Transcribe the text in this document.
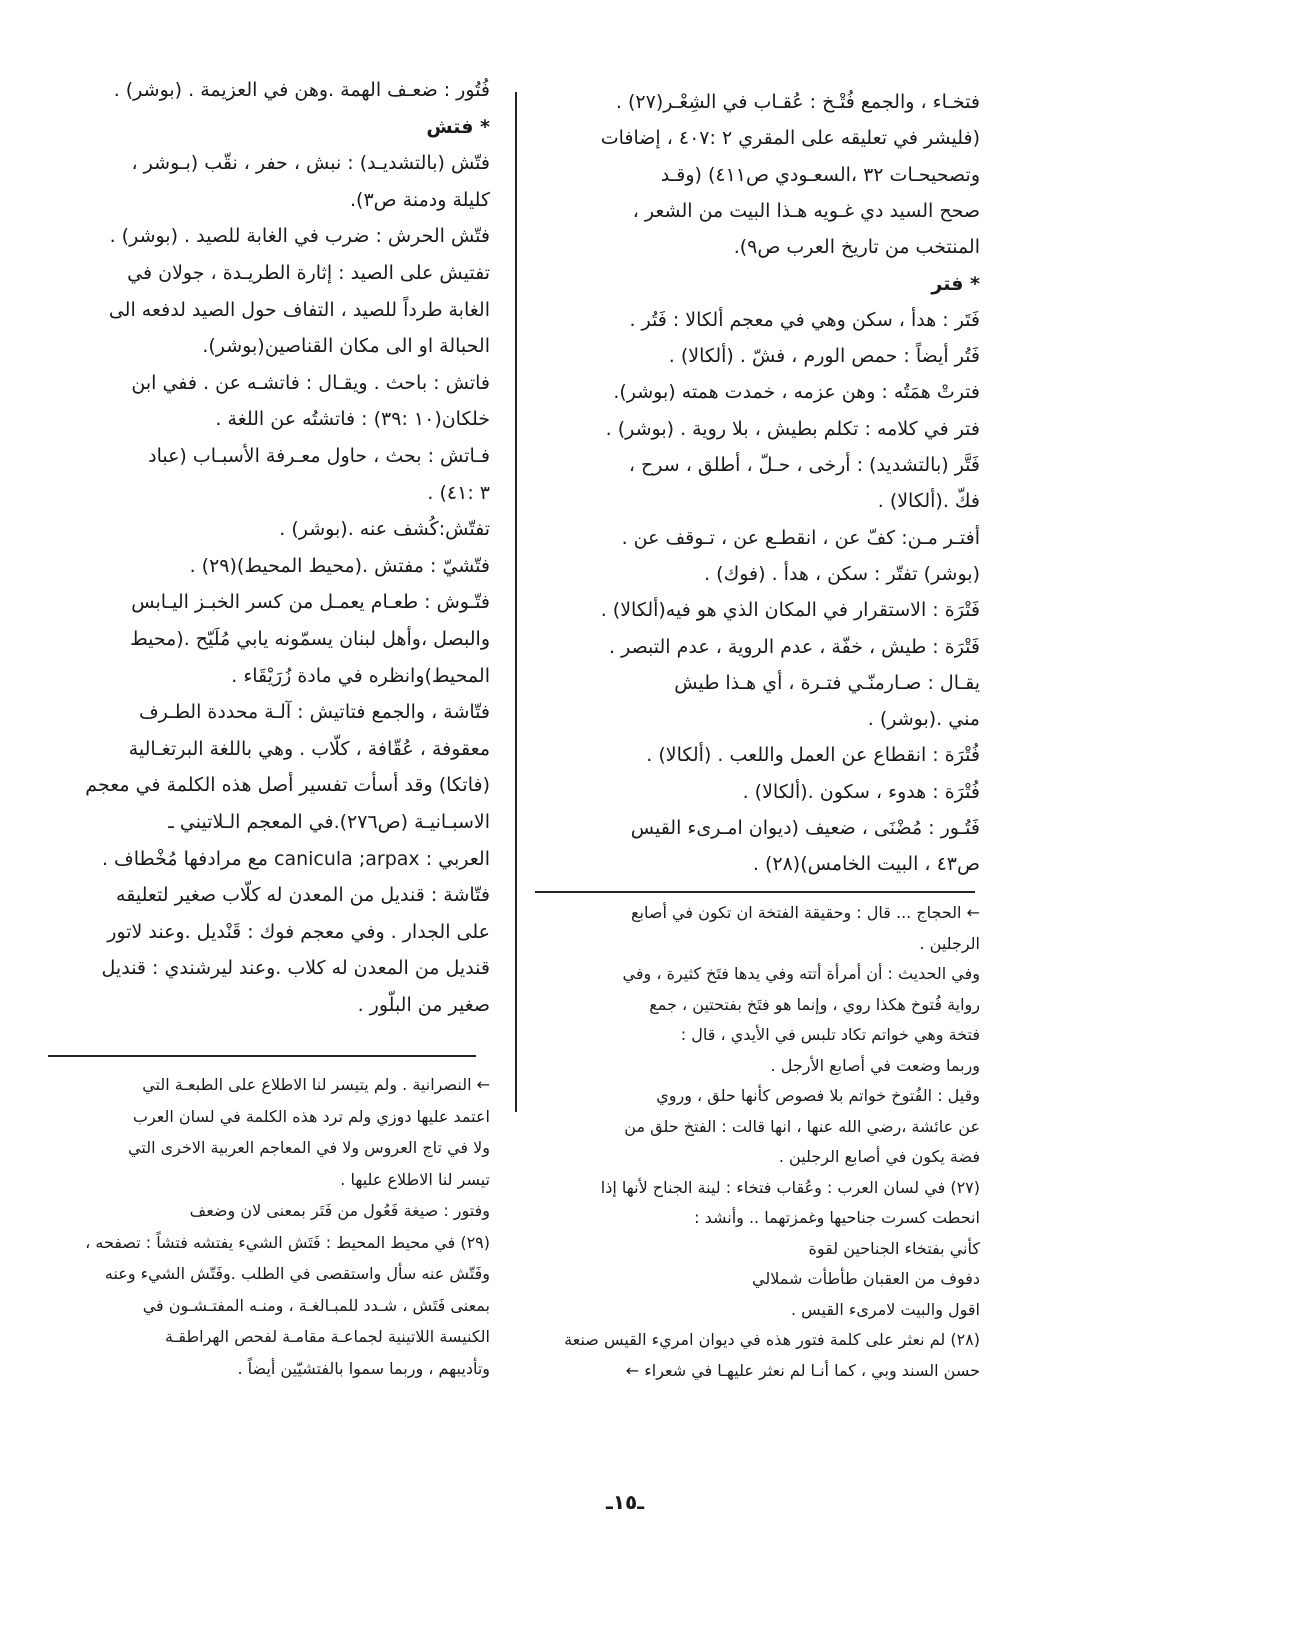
فتخـاء ، والجمع فُتْـخ : عُقـاب في الشِعْـر(٢٧) .
(فليشر في تعليقه على المقري ٢ :٤٠٧ ، إضافات
وتصحيحـات ٣٢ ،السعـودي ص٤١١) (وقـد
صحح السيد دي غـويه هـذا البيت من الشعر ،
المنتخب من تاريخ العرب ص٩).
* فتر
فَتَر : هدأ ، سكن وهي في معجم ألكالا : فَتُر .
فَتُر أيضاً : حمص الورم ، فشّ . (ألكالا) .
فترتْ همَتُه : وهن عزمه ، خمدت همته (بوشر).
فتر في كلامه : تكلم بطيش ، بلا روية . (بوشر) .
فَتَّر (بالتشديد) : أرخى ، حـلّ ، أطلق ، سرح ،
فكّ .(ألكالا) .
أفتـر مـن: كفّ عن ، انقطـع عن ، تـوقف عن .
(بوشر) تفتّر : سكن ، هدأ . (فوك) .
فَتْرَة : الاستقرار في المكان الذي هو فيه(ألكالا) .
فَتْرَة : طيش ، خفّة ، عدم الروية ، عدم التبصر .
يقـال : صـارمنّـي فتـرة ، أي هـذا طيش
مني .(بوشر) .
فُتْرَة : انقطاع عن العمل واللعب . (ألكالا) .
فُتْرَة : هدوء ، سكون .(ألكالا) .
فَتُـور : مُضْنَى ، ضعيف (ديوان امـرىء القيس
ص٤٣ ، البيت الخامس)(٢٨) .
← الحجاج ... قال : وحقيقة الفتخة ان تكون في أصابع
الرجلين .
وفي الحديث : أن أمرأة أتته وفي يدها فتَخ كثيرة ، وفي
رواية فُتوخ هكذا روي ، وإنما هو فتَخ بفتحتين ، جمع
فتخة وهي خواتم تكاد تلبس في الأيدي ، قال :
وربما وضعت في أصابع الأرجل .
وقيل : الفُتوخ خواتم بلا فصوص كأنها حلق ، وروي
عن عائشة ،رضي الله عنها ، انها قالت : الفتخ حلق من
فضة يكون في أصابع الرجلين .
(٢٧) في لسان العرب : وعُقاب فتخاء : لينة الجناح لأنها إذا
انحطت كسرت جناحيها وغمزتهما .. وأنشد :
كأني بفتخاء الجناحين لقوة
دفوف من العقبان طأطأت شملالي
اقول والبيت لامرىء القيس .
(٢٨) لم نعثر على كلمة فتور هذه في ديوان امريء القيس صنعة
حسن السند وبي ، كما أنـا لم نعثر عليهـا في شعراء ←
فُتُور : ضعـف الهمة .وهن في العزيمة . (بوشر) .
* فتش
فتّش (بالتشديـد) : نبش ، حفر ، نقّب (بـوشر ،
كليلة ودمنة ص٣).
فتّش الحرش : ضرب في الغابة للصيد . (بوشر) .
تفتيش على الصيد : إثارة الطريـدة ، جولان في
الغابة طرداً للصيد ، التفاف حول الصيد لدفعه الى
الحبالة او الى مكان القناصين(بوشر).
فاتش : باحث . ويقـال : فاتشـه عن . ففي ابن
خلكان(١٠ :٣٩) : فاتشتُه عن اللغة .
فـاتش : بحث ، حاول معـرفة الأسبـاب (عباد
٣ :٤١) .
تفتّش:كُشف عنه .(بوشر) .
فتّشيّ : مفتش .(محيط المحيط)(٢٩) .
فتّـوش : طعـام يعمـل من كسر الخبـز اليـابس
والبصل ،وأهل لبنان يسمّونه يابي مُلَيّح .(محيط
المحيط)وانظره في مادة زُرَيْقَاء .
فتّاشة ، والجمع فتاتيش : آلـة محددة الطـرف
معقوفة ، عُقّافة ، كلّاب . وهي باللغة البرتغـالية
(فاتكا) وقد أسأت تفسير أصل هذه الكلمة في معجم
الاسبـانيـة (ص٢٧٦).في المعجم الـلاتيني ـ
العربي : canicula ;arpax مع مرادفها مُخْطاف .
فتّاشة : قنديل من المعدن له كلّاب صغير لتعليقه
على الجدار . وفي معجم فوك : قَنْديل .وعند لاتور
قنديل من المعدن له كلاب .وعند ليرشندي : قنديل
صغير من البلّور .
← النصرانية . ولم يتيسر لنا الاطلاع على الطبعـة التي
اعتمد عليها دوزي ولم ترد هذه الكلمة في لسان العرب
ولا في تاج العروس ولا في المعاجم العربية الاخرى التي
تيسر لنا الاطلاع عليها .
وفتور : صيغة فَعُول من فَتَر بمعنى لان وضعف
(٢٩) في محيط المحيط : فَتَش الشيء يفتشه فتشاً : تصفحه ،
وفَتّش عنه سأل واستقصى في الطلب .وفَتّش الشيء وعنه
بمعنى فَتَش ، شـدد للمبـالغـة ، ومنـه المفتـشـون في
الكنيسة اللاتينية لجماعـة مقامـة لفحص الهراطقـة
وتأديبهم ، وربما سموا بالفتشيّين أيضاً .
ـ١٥ـ
